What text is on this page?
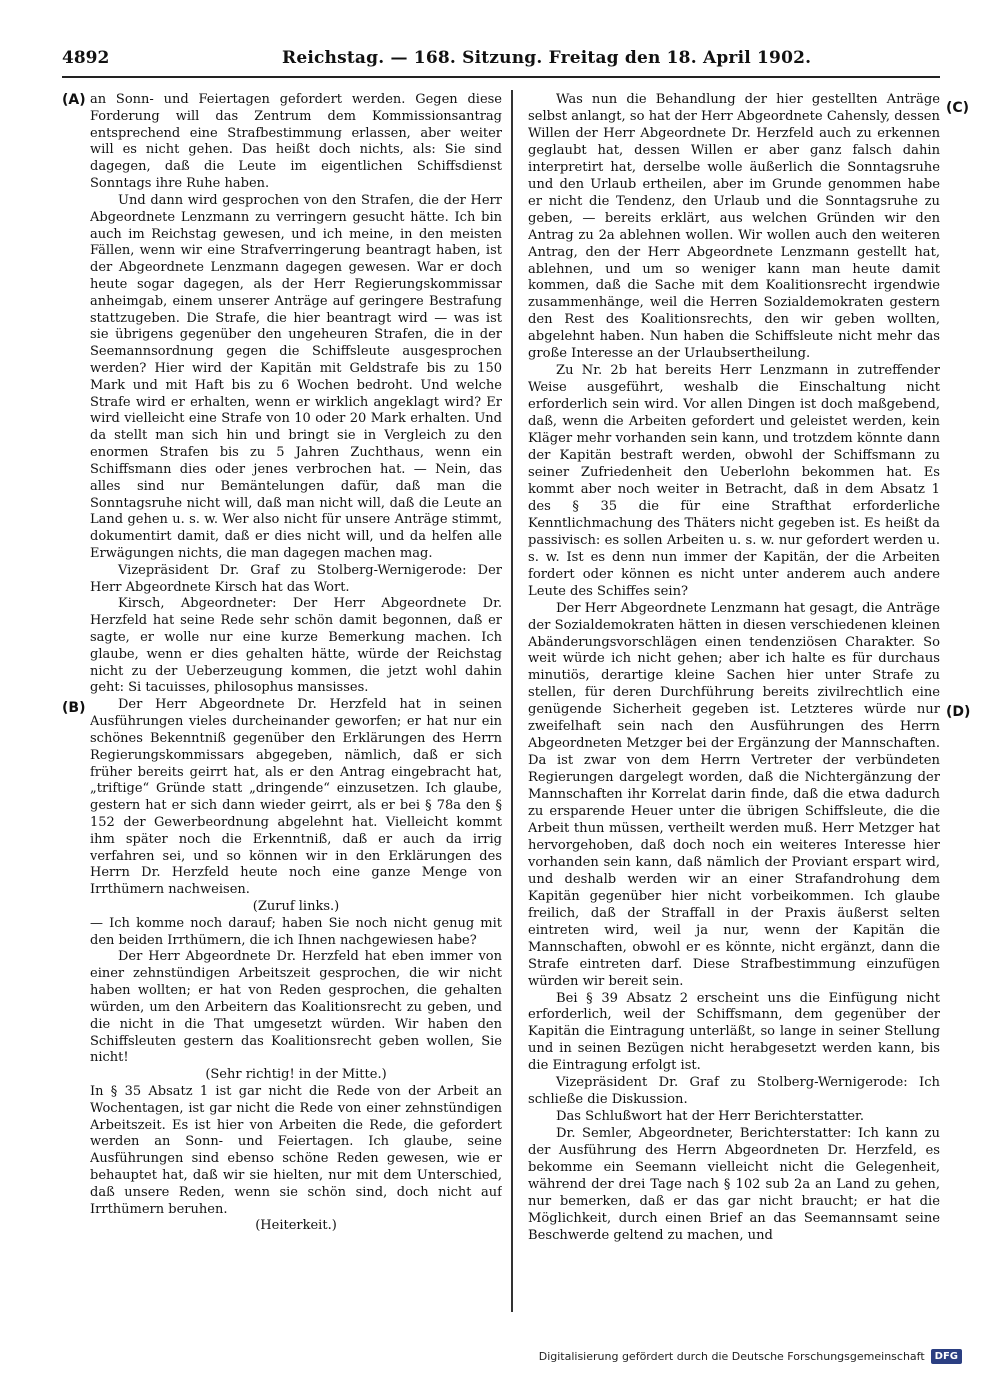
4892	Reichstag. — 168. Sitzung. Freitag den 18. April 1902.
(A)
(B)
(C)
(D)

an Sonn- und Feiertagen gefordert werden. Gegen diese Forderung will das Zentrum dem Kommissionsantrag entsprechend eine Strafbestimmung erlassen, aber weiter will es nicht gehen. Das heißt doch nichts, als: Sie sind dagegen, daß die Leute im eigentlichen Schiffsdienst Sonntags ihre Ruhe haben.

Und dann wird gesprochen von den Strafen, die der Herr Abgeordnete Lenzmann zu verringern gesucht hätte. Ich bin auch im Reichstag gewesen, und ich meine, in den meisten Fällen, wenn wir eine Strafverringerung beantragt haben, ist der Abgeordnete Lenzmann dagegen gewesen. War er doch heute sogar dagegen, als der Herr Regierungskommissar anheimgab, einem unserer Anträge auf geringere Bestrafung stattzugeben. Die Strafe, die hier beantragt wird — was ist sie übrigens gegenüber den ungeheuren Strafen, die in der Seemannsordnung gegen die Schiffsleute ausgesprochen werden? Hier wird der Kapitän mit Geldstrafe bis zu 150 Mark und mit Haft bis zu 6 Wochen bedroht. Und welche Strafe wird er erhalten, wenn er wirklich angeklagt wird? Er wird vielleicht eine Strafe von 10 oder 20 Mark erhalten. Und da stellt man sich hin und bringt sie in Vergleich zu den enormen Strafen bis zu 5 Jahren Zuchthaus, wenn ein Schiffsmann dies oder jenes verbrochen hat. — Nein, das alles sind nur Bemäntelungen dafür, daß man die Sonntagsruhe nicht will, daß man nicht will, daß die Leute an Land gehen u. s. w. Wer also nicht für unsere Anträge stimmt, dokumentirt damit, daß er dies nicht will, und da helfen alle Erwägungen nichts, die man dagegen machen mag.

Vizepräsident Dr. Graf zu Stolberg-Wernigerode: Der Herr Abgeordnete Kirsch hat das Wort.

Kirsch, Abgeordneter: Der Herr Abgeordnete Dr. Herzfeld hat seine Rede sehr schön damit begonnen, daß er sagte, er wolle nur eine kurze Bemerkung machen. Ich glaube, wenn er dies gehalten hätte, würde der Reichstag nicht zu der Ueberzeugung kommen, die jetzt wohl dahin geht: Si tacuisses, philosophus mansisses.

Der Herr Abgeordnete Dr. Herzfeld hat in seinen Ausführungen vieles durcheinander geworfen; er hat nur ein schönes Bekenntniß gegenüber den Erklärungen des Herrn Regierungskommissars abgegeben, nämlich, daß er sich früher bereits geirrt hat, als er den Antrag eingebracht hat, „triftige“ Gründe statt „dringende“ einzusetzen. Ich glaube, gestern hat er sich dann wieder geirrt, als er bei § 78a den § 152 der Gewerbeordnung abgelehnt hat. Vielleicht kommt ihm später noch die Erkenntniß, daß er auch da irrig verfahren sei, und so können wir in den Erklärungen des Herrn Dr. Herzfeld heute noch eine ganze Menge von Irrthümern nachweisen.

(Zuruf links.)

— Ich komme noch darauf; haben Sie noch nicht genug mit den beiden Irrthümern, die ich Ihnen nachgewiesen habe?

Der Herr Abgeordnete Dr. Herzfeld hat eben immer von einer zehnstündigen Arbeitszeit gesprochen, die wir nicht haben wollten; er hat von Reden gesprochen, die gehalten würden, um den Arbeitern das Koalitionsrecht zu geben, und die nicht in die That umgesetzt würden. Wir haben den Schiffsleuten gestern das Koalitionsrecht geben wollen, Sie nicht!

(Sehr richtig! in der Mitte.)

In § 35 Absatz 1 ist gar nicht die Rede von der Arbeit an Wochentagen, ist gar nicht die Rede von einer zehnstündigen Arbeitszeit. Es ist hier von Arbeiten die Rede, die gefordert werden an Sonn- und Feiertagen. Ich glaube, seine Ausführungen sind ebenso schöne Reden gewesen, wie er behauptet hat, daß wir sie hielten, nur mit dem Unterschied, daß unsere Reden, wenn sie schön sind, doch nicht auf Irrthümern beruhen.

(Heiterkeit.)

Was nun die Behandlung der hier gestellten Anträge selbst anlangt, so hat der Herr Abgeordnete Cahensly, dessen Willen der Herr Abgeordnete Dr. Herzfeld auch zu erkennen geglaubt hat, dessen Willen er aber ganz falsch dahin interpretirt hat, derselbe wolle äußerlich die Sonntagsruhe und den Urlaub ertheilen, aber im Grunde genommen habe er nicht die Tendenz, den Urlaub und die Sonntagsruhe zu geben, — bereits erklärt, aus welchen Gründen wir den Antrag zu 2a ablehnen wollen. Wir wollen auch den weiteren Antrag, den der Herr Abgeordnete Lenzmann gestellt hat, ablehnen, und um so weniger kann man heute damit kommen, daß die Sache mit dem Koalitionsrecht irgendwie zusammenhänge, weil die Herren Sozialdemokraten gestern den Rest des Koalitionsrechts, den wir geben wollten, abgelehnt haben. Nun haben die Schiffsleute nicht mehr das große Interesse an der Urlaubsertheilung.

Zu Nr. 2b hat bereits Herr Lenzmann in zutreffender Weise ausgeführt, weshalb die Einschaltung nicht erforderlich sein wird. Vor allen Dingen ist doch maßgebend, daß, wenn die Arbeiten gefordert und geleistet werden, kein Kläger mehr vorhanden sein kann, und trotzdem könnte dann der Kapitän bestraft werden, obwohl der Schiffsmann zu seiner Zufriedenheit den Ueberlohn bekommen hat. Es kommt aber noch weiter in Betracht, daß in dem Absatz 1 des § 35 die für eine Strafthat erforderliche Kenntlichmachung des Thäters nicht gegeben ist. Es heißt da passivisch: es sollen Arbeiten u. s. w. nur gefordert werden u. s. w. Ist es denn nun immer der Kapitän, der die Arbeiten fordert oder können es nicht unter anderem auch andere Leute des Schiffes sein?

Der Herr Abgeordnete Lenzmann hat gesagt, die Anträge der Sozialdemokraten hätten in diesen verschiedenen kleinen Abänderungsvorschlägen einen tendenziösen Charakter. So weit würde ich nicht gehen; aber ich halte es für durchaus minutiös, derartige kleine Sachen hier unter Strafe zu stellen, für deren Durchführung bereits zivilrechtlich eine genügende Sicherheit gegeben ist. Letzteres würde nur zweifelhaft sein nach den Ausführungen des Herrn Abgeordneten Metzger bei der Ergänzung der Mannschaften. Da ist zwar von dem Herrn Vertreter der verbündeten Regierungen dargelegt worden, daß die Nichtergänzung der Mannschaften ihr Korrelat darin finde, daß die etwa dadurch zu ersparende Heuer unter die übrigen Schiffsleute, die die Arbeit thun müssen, vertheilt werden muß. Herr Metzger hat hervorgehoben, daß doch noch ein weiteres Interesse hier vorhanden sein kann, daß nämlich der Proviant erspart wird, und deshalb werden wir an einer Strafandrohung dem Kapitän gegenüber hier nicht vorbeikommen. Ich glaube freilich, daß der Straffall in der Praxis äußerst selten eintreten wird, weil ja nur, wenn der Kapitän die Mannschaften, obwohl er es könnte, nicht ergänzt, dann die Strafe eintreten darf. Diese Strafbestimmung einzufügen würden wir bereit sein.

Bei § 39 Absatz 2 erscheint uns die Einfügung nicht erforderlich, weil der Schiffsmann, dem gegenüber der Kapitän die Eintragung unterläßt, so lange in seiner Stellung und in seinen Bezügen nicht herabgesetzt werden kann, bis die Eintragung erfolgt ist.

Vizepräsident Dr. Graf zu Stolberg-Wernigerode: Ich schließe die Diskussion.

Das Schlußwort hat der Herr Berichterstatter.

Dr. Semler, Abgeordneter, Berichterstatter: Ich kann zu der Ausführung des Herrn Abgeordneten Dr. Herzfeld, es bekomme ein Seemann vielleicht nicht die Gelegenheit, während der drei Tage nach § 102 sub 2a an Land zu gehen, nur bemerken, daß er das gar nicht braucht; er hat die Möglichkeit, durch einen Brief an das Seemannsamt seine Beschwerde geltend zu machen, und

Digitalisierung gefördert durch die Deutsche Forschungsgemeinschaft	DFG
